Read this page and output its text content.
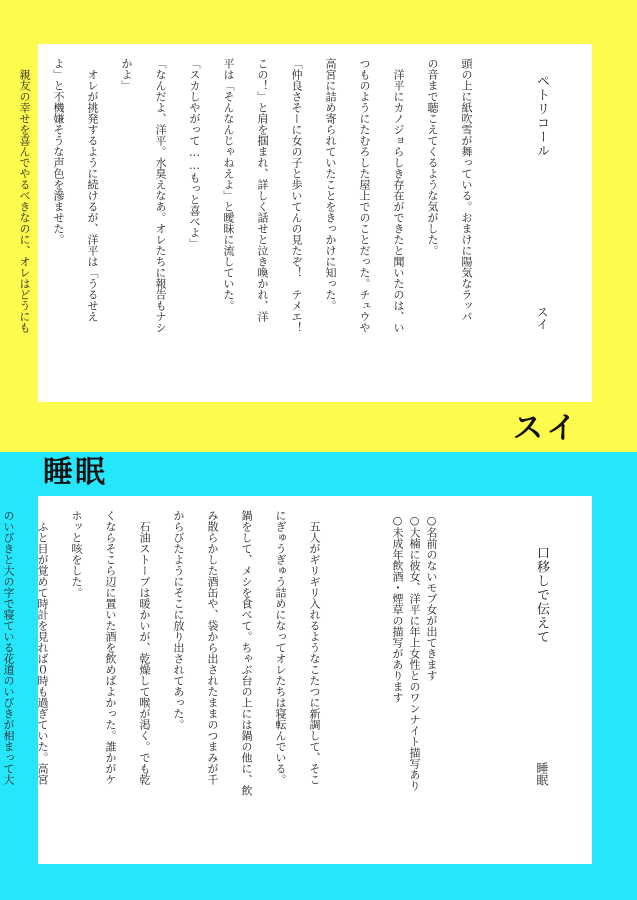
ペトリコール
スイ

頭の上に紙吹雪が舞っている。おまけに陽気なラッパ

の音まで聴こえてくるような気がした。

洋平にカノジョらしき存在ができたと聞いたのは、い

つものようにたむろした屋上でのことだった。チュウや

高宮に詰め寄られていたことをきっかけに知った。

「仲良さそーに女の子と歩いてんの見たぞ！　テメエ！

この！」と肩を掴まれ、詳しく話せと泣き喚かれ、洋

平は「そんなんじゃねえよ」と曖昧に流していた。

「スカしやがって……もっと喜べよ」

「なんだよ、洋平。水臭えなあ。オレたちに報告もナシ

かよ」

オレが挑発するように続けるが、洋平は「うるせえ

よ」と不機嫌そうな声色を滲ませた。

親友の幸せを喜んでやるべきなのに、オレはどうにも

スイ
睡眠
口移しで伝えて
睡眠
○名前のないモブ女が出てきます
○大楠に彼女、洋平に年上女性とのワンナイト描写あり
○未成年飲酒・煙草の描写があります

五人がギリギリ入れるようなこたつに新調して、そこ

にぎゅうぎゅう詰めになってオレたちは寝転んでいる。

鍋をして、メシを食べて。ちゃぶ台の上には鍋の他に、飲

み散らかした酒缶や、袋から出されたままのつまみが千

からびたようにそこに放り出されてあった。

石油ストーブは暖かいが、乾燥して喉が渇く。でも乾

くならそこら辺に置いた酒を飲めばよかった。誰かがケ

ホッと咳をした。

ふと目が覚めて時計を見れば０時も過ぎていた。高宮

のいびきと大の字で寝ている花道のいびきが相まって大
